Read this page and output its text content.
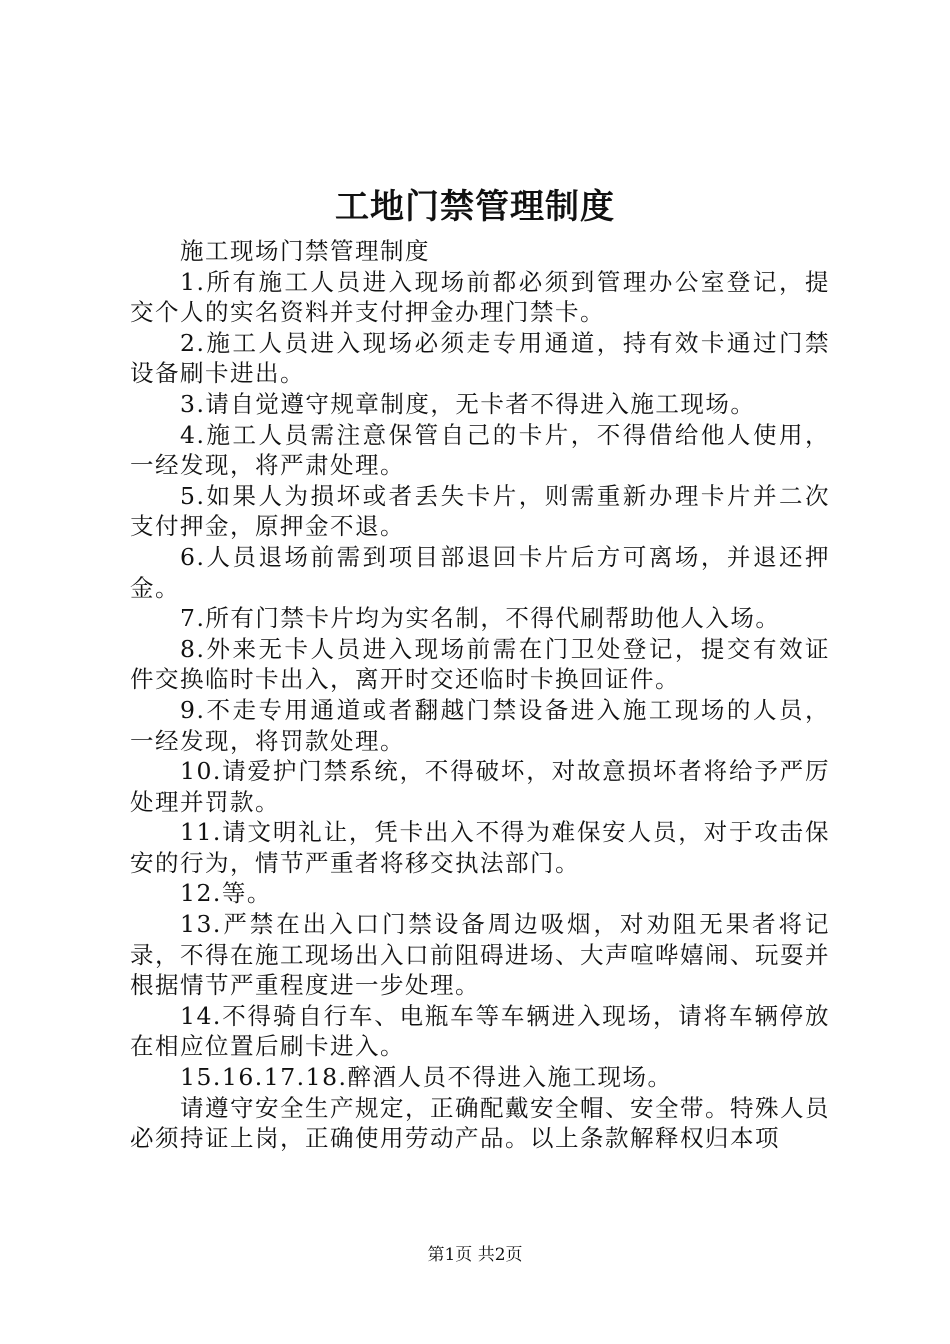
工地门禁管理制度

施工现场门禁管理制度

1.所有施工人员进入现场前都必须到管理办公室登记，提交个人的实名资料并支付押金办理门禁卡。

2.施工人员进入现场必须走专用通道，持有效卡通过门禁设备刷卡进出。

3.请自觉遵守规章制度，无卡者不得进入施工现场。

4.施工人员需注意保管自己的卡片，不得借给他人使用，一经发现，将严肃处理。

5.如果人为损坏或者丢失卡片，则需重新办理卡片并二次支付押金，原押金不退。

6.人员退场前需到项目部退回卡片后方可离场，并退还押金。

7.所有门禁卡片均为实名制，不得代刷帮助他人入场。

8.外来无卡人员进入现场前需在门卫处登记，提交有效证件交换临时卡出入，离开时交还临时卡换回证件。

9.不走专用通道或者翻越门禁设备进入施工现场的人员，一经发现，将罚款处理。

10.请爱护门禁系统，不得破坏，对故意损坏者将给予严厉处理并罚款。

11.请文明礼让，凭卡出入不得为难保安人员，对于攻击保安的行为，情节严重者将移交执法部门。

12.等。

13.严禁在出入口门禁设备周边吸烟，对劝阻无果者将记录，不得在施工现场出入口前阻碍进场、大声喧哗嬉闹、玩耍并根据情节严重程度进一步处理。

14.不得骑自行车、电瓶车等车辆进入现场，请将车辆停放在相应位置后刷卡进入。

15.16.17.18.醉酒人员不得进入施工现场。

请遵守安全生产规定，正确配戴安全帽、安全带。特殊人员必须持证上岗，正确使用劳动产品。以上条款解释权归本项

第1页 共2页
